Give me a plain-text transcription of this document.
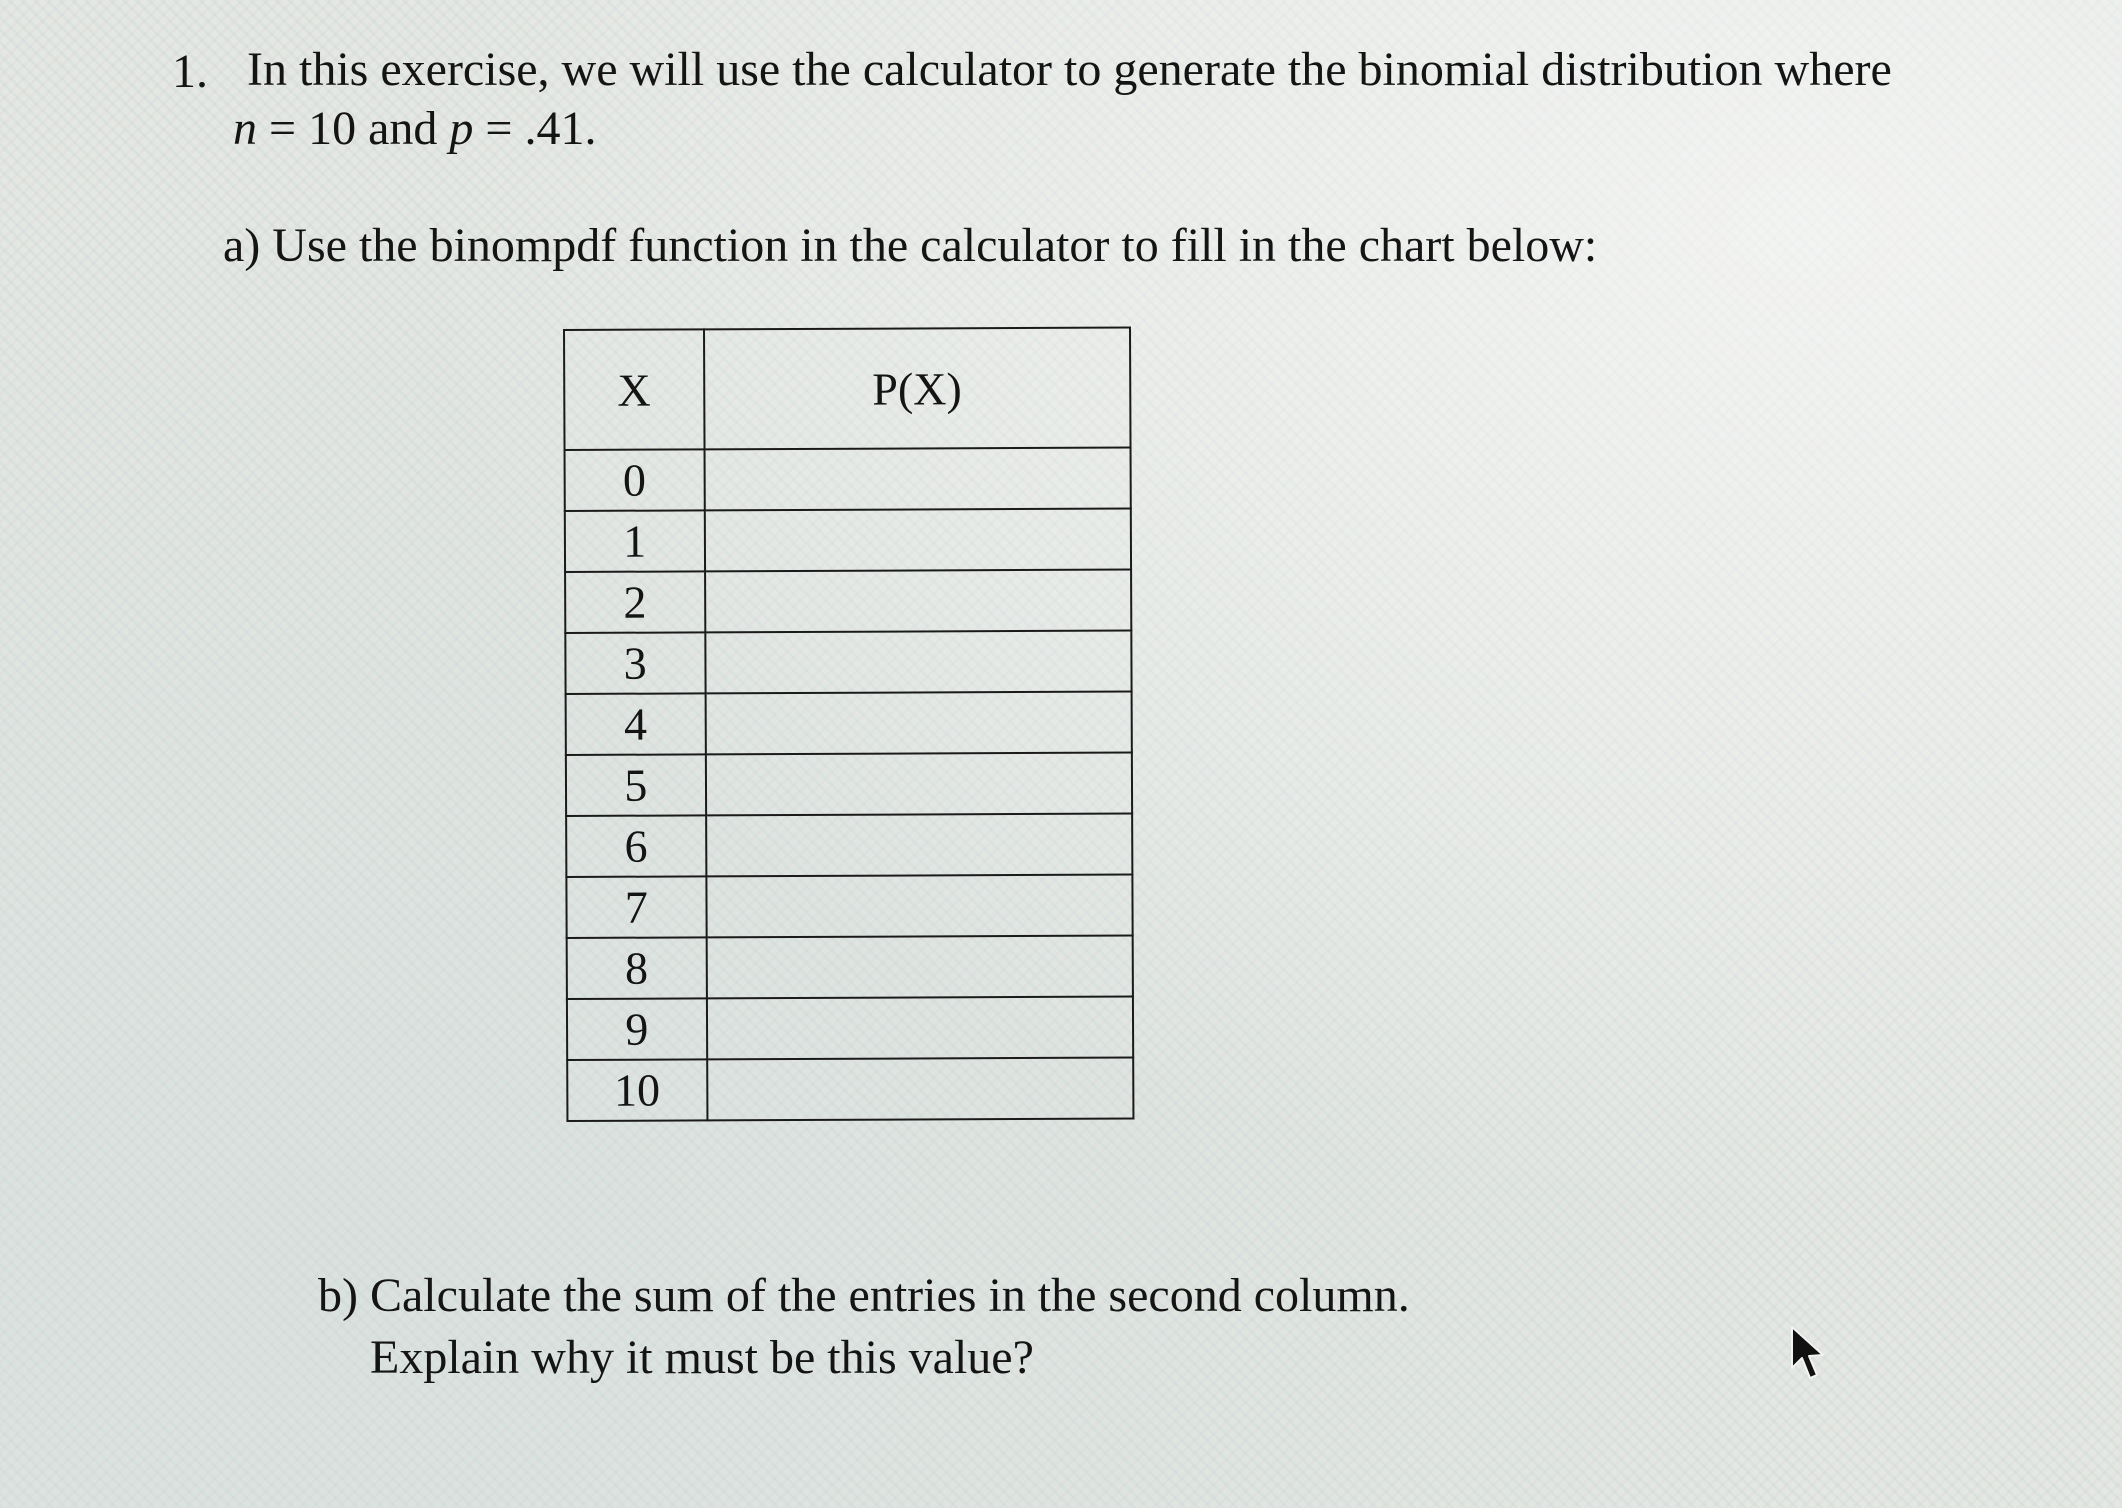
1. In this exercise, we will use the calculator to generate the binomial distribution where
n = 10 and p = .41.
a) Use the binompdf function in the calculator to fill in the chart below:
X	P(X)
0	
1	
2	
3	
4	
5	
6	
7	
8	
9	
10	
b) Calculate the sum of the entries in the second column.
Explain why it must be this value?
